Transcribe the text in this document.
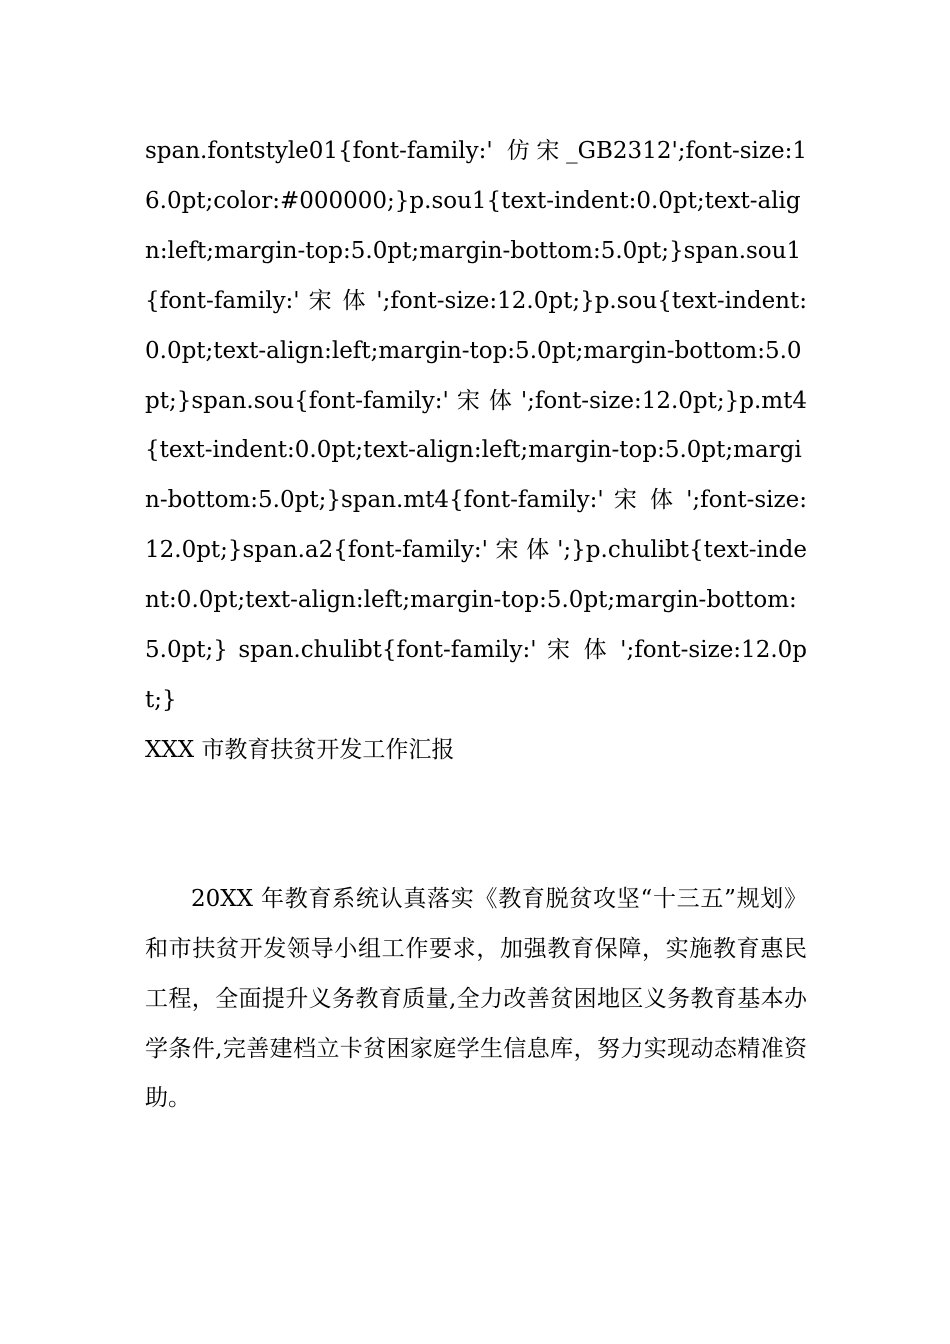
span.fontstyle01{font-family:' 仿宋_GB2312';font-size:16.0pt;color:#000000;}p.sou1{text-indent:0.0pt;text-align:left;margin-top:5.0pt;margin-bottom:5.0pt;}span.sou1{font-family:' 宋 体 ';font-size:12.0pt;}p.sou{text-indent:0.0pt;text-align:left;margin-top:5.0pt;margin-bottom:5.0pt;}span.sou{font-family:' 宋 体 ';font-size:12.0pt;}p.mt4{text-indent:0.0pt;text-align:left;margin-top:5.0pt;margin-bottom:5.0pt;}span.mt4{font-family:' 宋 体 ';font-size:12.0pt;}span.a2{font-family:' 宋 体 ';}p.chulibt{text-indent:0.0pt;text-align:left;margin-top:5.0pt;margin-bottom:5.0pt;} span.chulibt{font-family:' 宋 体 ';font-size:12.0pt;}

XXX 市教育扶贫开发工作汇报

20XX 年教育系统认真落实《教育脱贫攻坚“十三五”规划》和市扶贫开发领导小组工作要求，加强教育保障，实施教育惠民工程，全面提升义务教育质量,全力改善贫困地区义务教育基本办学条件,完善建档立卡贫困家庭学生信息库，努力实现动态精准资助。
